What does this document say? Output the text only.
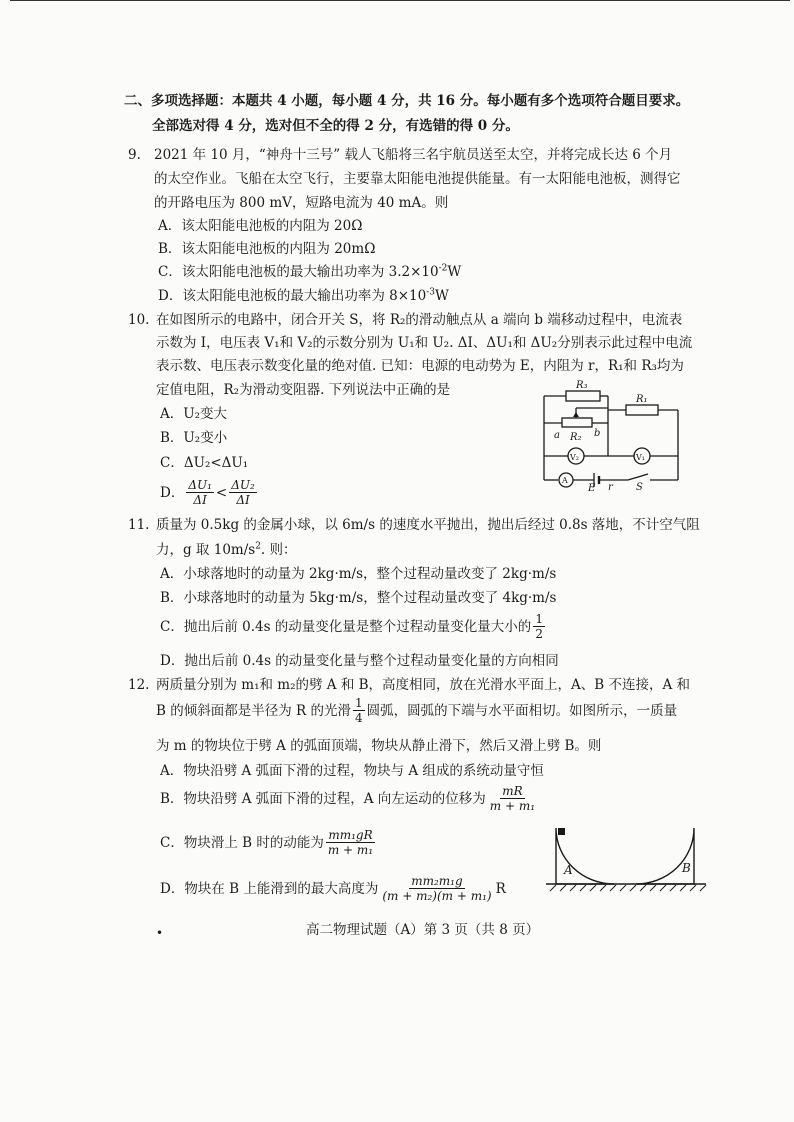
二、多项选择题：本题共 4 小题，每小题 4 分，共 16 分。每小题有多个选项符合题目要求。
全部选对得 4 分，选对但不全的得 2 分，有选错的得 0 分。
9. 2021 年 10 月，“神舟十三号” 载人飞船将三名宇航员送至太空，并将完成长达 6 个月
的太空作业。飞船在太空飞行，主要靠太阳能电池提供能量。有一太阳能电池板，测得它
的开路电压为 800 mV，短路电流为 40 mA。则
A．该太阳能电池板的内阻为 20Ω
B．该太阳能电池板的内阻为 20mΩ
C．该太阳能电池板的最大输出功率为 $3.2\times 10^{-2}W$
D．该太阳能电池板的最大输出功率为 $8\times 10^{-3}W$
10. 在如图所示的电路中，闭合开关 S，将 R₂的滑动触点从 a 端向 b 端移动过程中，电流表
示数为 I，电压表 V₁和 V₂的示数分别为 U₁和 U₂. ΔI、ΔU₁和 ΔU₂分别表示此过程中电流
表示数、电压表示数变化量的绝对值. 已知：电源的电动势为 E，内阻为 r，R₁和 R₃均为
定值电阻，R₂为滑动变阻器. 下列说法中正确的是
A．U₂变大
B．U₂变小
C．ΔU₂<ΔU₁
D． $\frac{\text{ΔU₁}}{\Delta I} < \frac{\text{ΔU₂}}{\Delta I}$
R₃
R₁
R₂
a	b
V₂	V₁
A
E r S
11. 质量为 0.5kg 的金属小球，以 6m/s 的速度水平抛出，抛出后经过 0.8s 落地，不计空气阻
力，g 取 $10m/s^2$. 则：
A．小球落地时的动量为 2kg·m/s，整个过程动量改变了 2kg·m/s
B．小球落地时的动量为 5kg·m/s，整个过程动量改变了 4kg·m/s
C．抛出后前 0.4s 的动量变化量是整个过程动量变化量大小的 $\frac{1}{2}$
D．抛出后前 0.4s 的动量变化量与整个过程动量变化量的方向相同
12. 两质量分别为 m₁和 m₂的劈 A 和 B，高度相同，放在光滑水平面上，A、B 不连接，A 和
B 的倾斜面都是半径为 R 的光滑 $\frac{1}{4}$ 圆弧，圆弧的下端与水平面相切。如图所示，一质量
为 m 的物块位于劈 A 的弧面顶端，物块从静止滑下，然后又滑上劈 B。则
A．物块沿劈 A 弧面下滑的过程，物块与 A 组成的系统动量守恒
B．物块沿劈 A 弧面下滑的过程，A 向左运动的位移为 $\frac{mR}{\text{m + m₁}}$
C．物块滑上 B 时的动能为 $\frac{\text{mm₁gR}}{\text{m + m₁}}$
D．物块在 B 上能滑到的最大高度为 $\frac{\text{mm₂m₁g}}{\text{(m + m₂)(m + m₁)}}$ R
A	B
•	高二物理试题（A）第 3 页（共 8 页）
